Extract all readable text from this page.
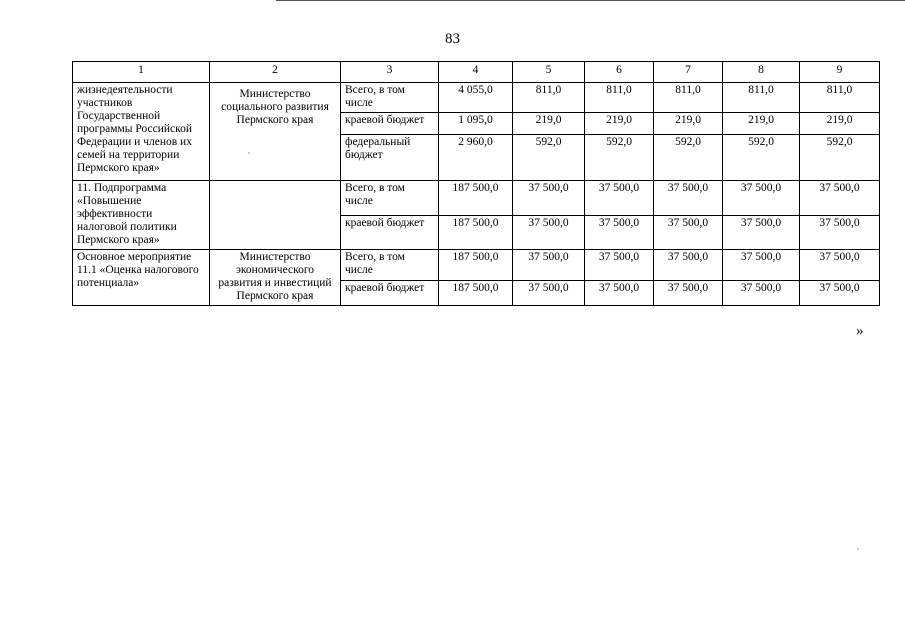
83
1	2	3	4	5	6	7	8	9
жизнедеятельности участников Государственной программы Российской Федерации и членов их семей на территории Пермского края»	Министерство социального развития Пермского края	Всего, в том числе	4 055,0	811,0	811,0	811,0	811,0	811,0
		краевой бюджет	1 095,0	219,0	219,0	219,0	219,0	219,0
		федеральный бюджет	2 960,0	592,0	592,0	592,0	592,0	592,0
11. Подпрограмма «Повышение эффективности налоговой политики Пермского края»		Всего, в том числе	187 500,0	37 500,0	37 500,0	37 500,0	37 500,0	37 500,0
		краевой бюджет	187 500,0	37 500,0	37 500,0	37 500,0	37 500,0	37 500,0
Основное мероприятие 11.1 «Оценка налогового потенциала»	Министерство экономического развития и инвестиций Пермского края	Всего, в том числе	187 500,0	37 500,0	37 500,0	37 500,0	37 500,0	37 500,0
		краевой бюджет	187 500,0	37 500,0	37 500,0	37 500,0	37 500,0	37 500,0
»
